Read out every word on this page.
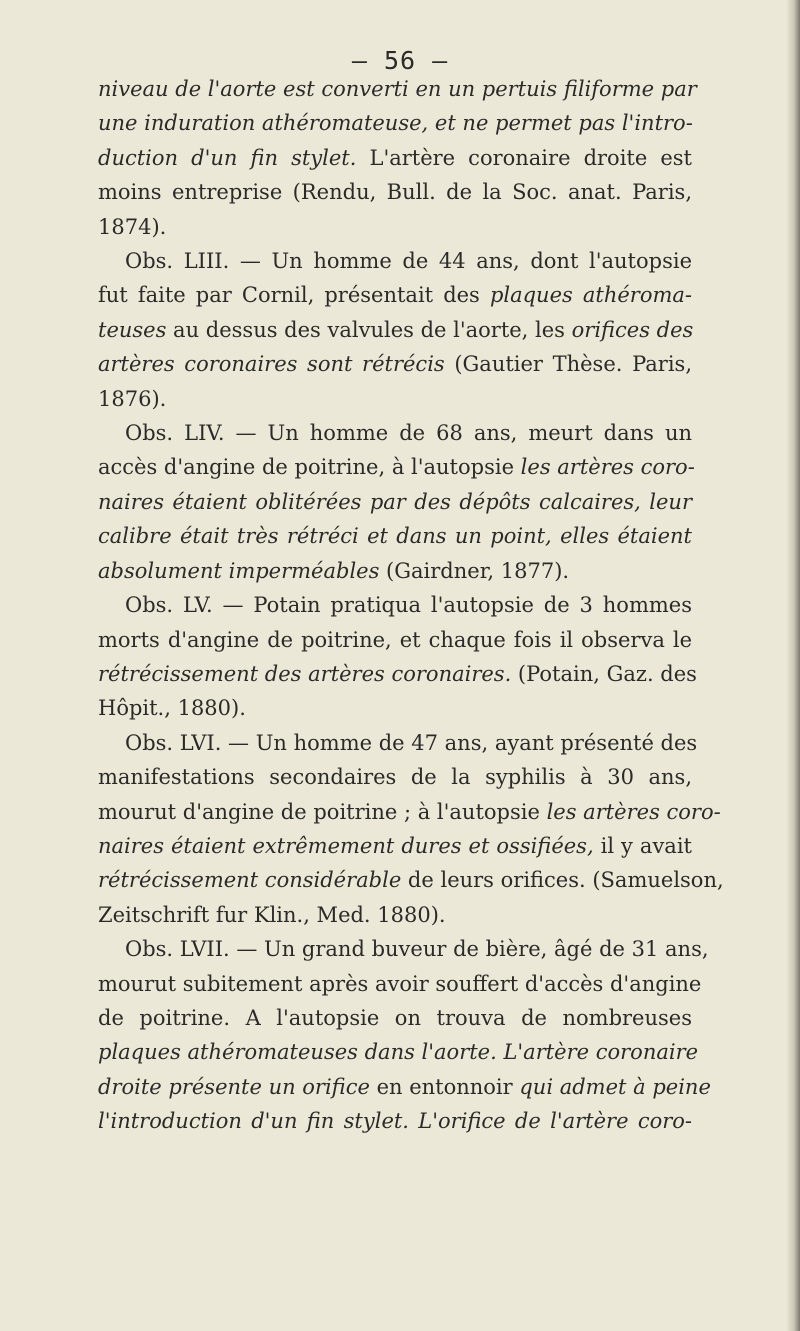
— 56 —
niveau de l'aorte est converti en un pertuis filiforme par
une induration athéromateuse, et ne permet pas l'intro-
duction d'un fin stylet. L'artère coronaire droite est
moins entreprise (Rendu, Bull. de la Soc. anat. Paris,
1874).
Obs. LIII. — Un homme de 44 ans, dont l'autopsie
fut faite par Cornil, présentait des plaques athéroma-
teuses au dessus des valvules de l'aorte, les orifices des
artères coronaires sont rétrécis (Gautier Thèse. Paris,
1876).
Obs. LIV. — Un homme de 68 ans, meurt dans un
accès d'angine de poitrine, à l'autopsie les artères coro-
naires étaient oblitérées par des dépôts calcaires, leur
calibre était très rétréci et dans un point, elles étaient
absolument imperméables (Gairdner, 1877).
Obs. LV. — Potain pratiqua l'autopsie de 3 hommes
morts d'angine de poitrine, et chaque fois il observa le
rétrécissement des artères coronaires. (Potain, Gaz. des
Hôpit., 1880).
Obs. LVI. — Un homme de 47 ans, ayant présenté des
manifestations secondaires de la syphilis à 30 ans,
mourut d'angine de poitrine ; à l'autopsie les artères coro-
naires étaient extrêmement dures et ossifiées, il y avait
rétrécissement considérable de leurs orifices. (Samuelson,
Zeitschrift fur Klin., Med. 1880).
Obs. LVII. — Un grand buveur de bière, âgé de 31 ans,
mourut subitement après avoir souffert d'accès d'angine
de poitrine. A l'autopsie on trouva de nombreuses
plaques athéromateuses dans l'aorte. L'artère coronaire
droite présente un orifice en entonnoir qui admet à peine
l'introduction d'un fin stylet. L'orifice de l'artère coro-
